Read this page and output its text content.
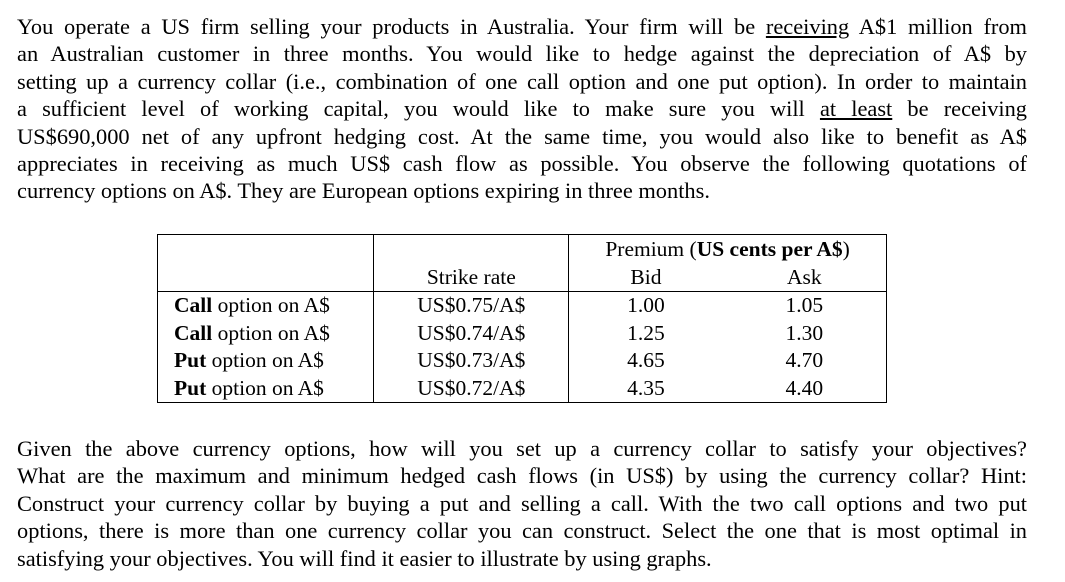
You operate a US firm selling your products in Australia. Your firm will be receiving A$1 million from
an Australian customer in three months. You would like to hedge against the depreciation of A$ by
setting up a currency collar (i.e., combination of one call option and one put option). In order to maintain
a sufficient level of working capital, you would like to make sure you will at least be receiving
US$690,000 net of any upfront hedging cost. At the same time, you would also like to benefit as A$
appreciates in receiving as much US$ cash flow as possible. You observe the following quotations of
currency options on A$. They are European options expiring in three months.
		Premium (US cents per A$)	
	Strike rate	Bid	Ask
Call option on A$	US$0.75/A$	1.00	1.05
Call option on A$	US$0.74/A$	1.25	1.30
Put option on A$	US$0.73/A$	4.65	4.70
Put option on A$	US$0.72/A$	4.35	4.40
Given the above currency options, how will you set up a currency collar to satisfy your objectives?
What are the maximum and minimum hedged cash flows (in US$) by using the currency collar? Hint:
Construct your currency collar by buying a put and selling a call. With the two call options and two put
options, there is more than one currency collar you can construct. Select the one that is most optimal in
satisfying your objectives. You will find it easier to illustrate by using graphs.
